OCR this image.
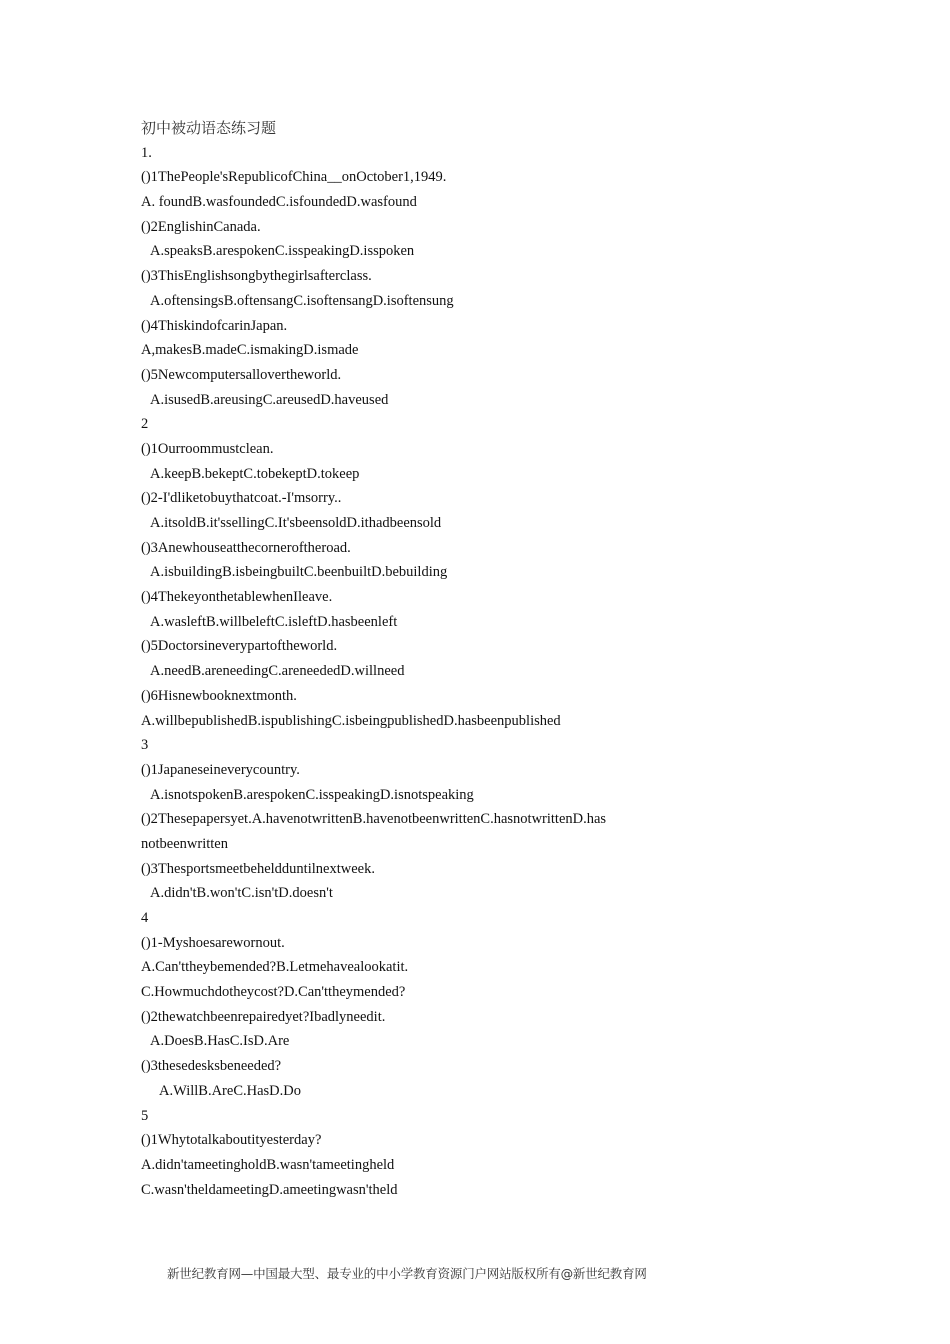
初中被动语态练习题
1.
()1ThePeople'sRepublicofChina__onOctober1,1949.
A. foundB.wasfoundedC.isfoundedD.wasfound
()2EnglishinCanada.
A.speaksB.arespokenC.isspeakingD.isspoken
()3ThisEnglishsongbythegirlsafterclass.
A.oftensingsB.oftensangC.isoftensangD.isoftensung
()4ThiskindofcarinJapan.
A,makesB.madeC.ismakingD.ismade
()5Newcomputersallovertheworld.
A.isusedB.areusingC.areusedD.haveused
2
()1Ourroommustclean.
A.keepB.bekeptC.tobekeptD.tokeep
()2-I'dliketobuythatcoat.-I'msorry..
A.itsoldB.it'ssellingC.It'sbeensoldD.ithadbeensold
()3Anewhouseatthecorneroftheroad.
A.isbuildingB.isbeingbuiltC.beenbuiltD.bebuilding
()4ThekeyonthetablewhenIleave.
A.wasleftB.willbeleftC.isleftD.hasbeenleft
()5Doctorsineverypartoftheworld.
A.needB.areneedingC.areneededD.willneed
()6Hisnewbooknextmonth.
A.willbepublishedB.ispublishingC.isbeingpublishedD.hasbeenpublished
3
()1Japaneseineverycountry.
A.isnotspokenB.arespokenC.isspeakingD.isnotspeaking
()2Thesepapersyet.A.havenotwrittenB.havenotbeenwrittenC.hasnotwrittenD.has
notbeenwritten
()3Thesportsmeetbeheldduntilnextweek.
A.didn'tB.won'tC.isn'tD.doesn't
4
()1-Myshoesarewornout.
A.Can'ttheybemended?B.Letmehavealookatit.
C.Howmuchdotheycost?D.Can'ttheymended?
()2thewatchbeenrepairedyet?Ibadlyneedit.
A.DoesB.HasC.IsD.Are
()3thesedesksbeneeded?
A.WillB.AreC.HasD.Do
5
()1Whytotalkaboutityesterday?
A.didn'tameetingholdB.wasn'tameetingheld
C.wasn'theldameetingD.ameetingwasn'theld
新世纪教育网—中国最大型、最专业的中小学教育资源门户网站版权所有@新世纪教育网
